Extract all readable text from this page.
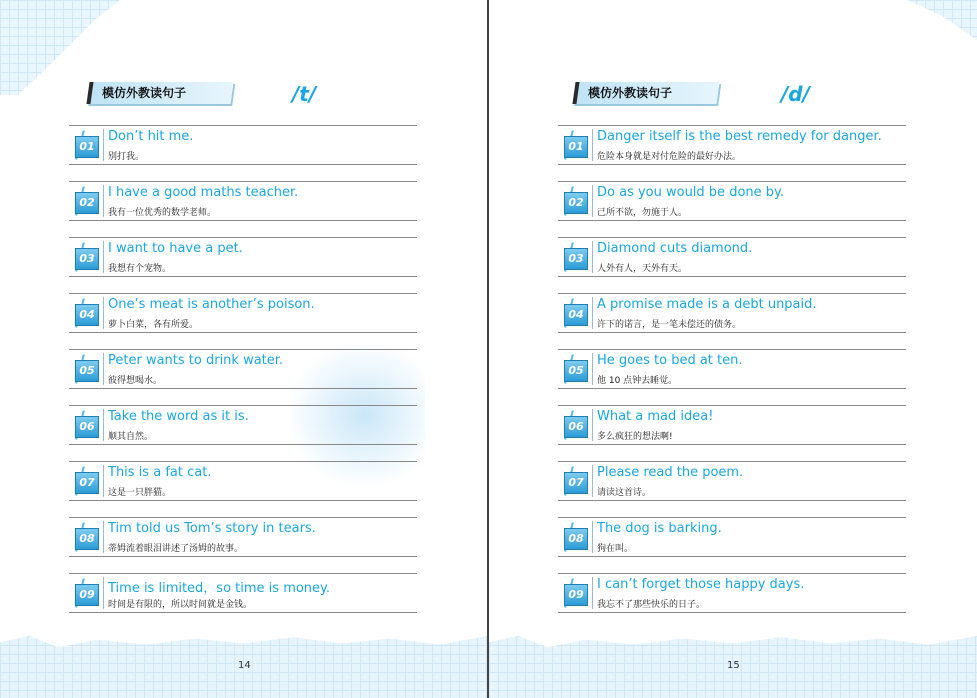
模仿外教读句子	/t/
01
Don’t hit me.
别打我。
02
I have a good maths teacher.
我有一位优秀的数学老师。
03
I want to have a pet.
我想有个宠物。
04
One’s meat is another’s poison.
萝卜白菜，各有所爱。
05
Peter wants to drink water.
彼得想喝水。
06
Take the word as it is.
顺其自然。
07
This is a fat cat.
这是一只胖猫。
08
Tim told us Tom’s story in tears.
蒂姆流着眼泪讲述了汤姆的故事。
09	Time is limited，so time is money.
时间是有限的，所以时间就是金钱。
14
模仿外教读句子	/d/
01
Danger itself is the best remedy for danger.
危险本身就是对付危险的最好办法。
02
Do as you would be done by.
己所不欲，勿施于人。
03
Diamond cuts diamond.
人外有人，天外有天。
04
A promise made is a debt unpaid.
许下的诺言，是一笔未偿还的债务。
05
He goes to bed at ten.
他 10 点钟去睡觉。
06
What a mad idea!
多么疯狂的想法啊!
07
Please read the poem.
请读这首诗。
08
The dog is barking.
狗在叫。
09
I can’t forget those happy days.
我忘不了那些快乐的日子。
15
